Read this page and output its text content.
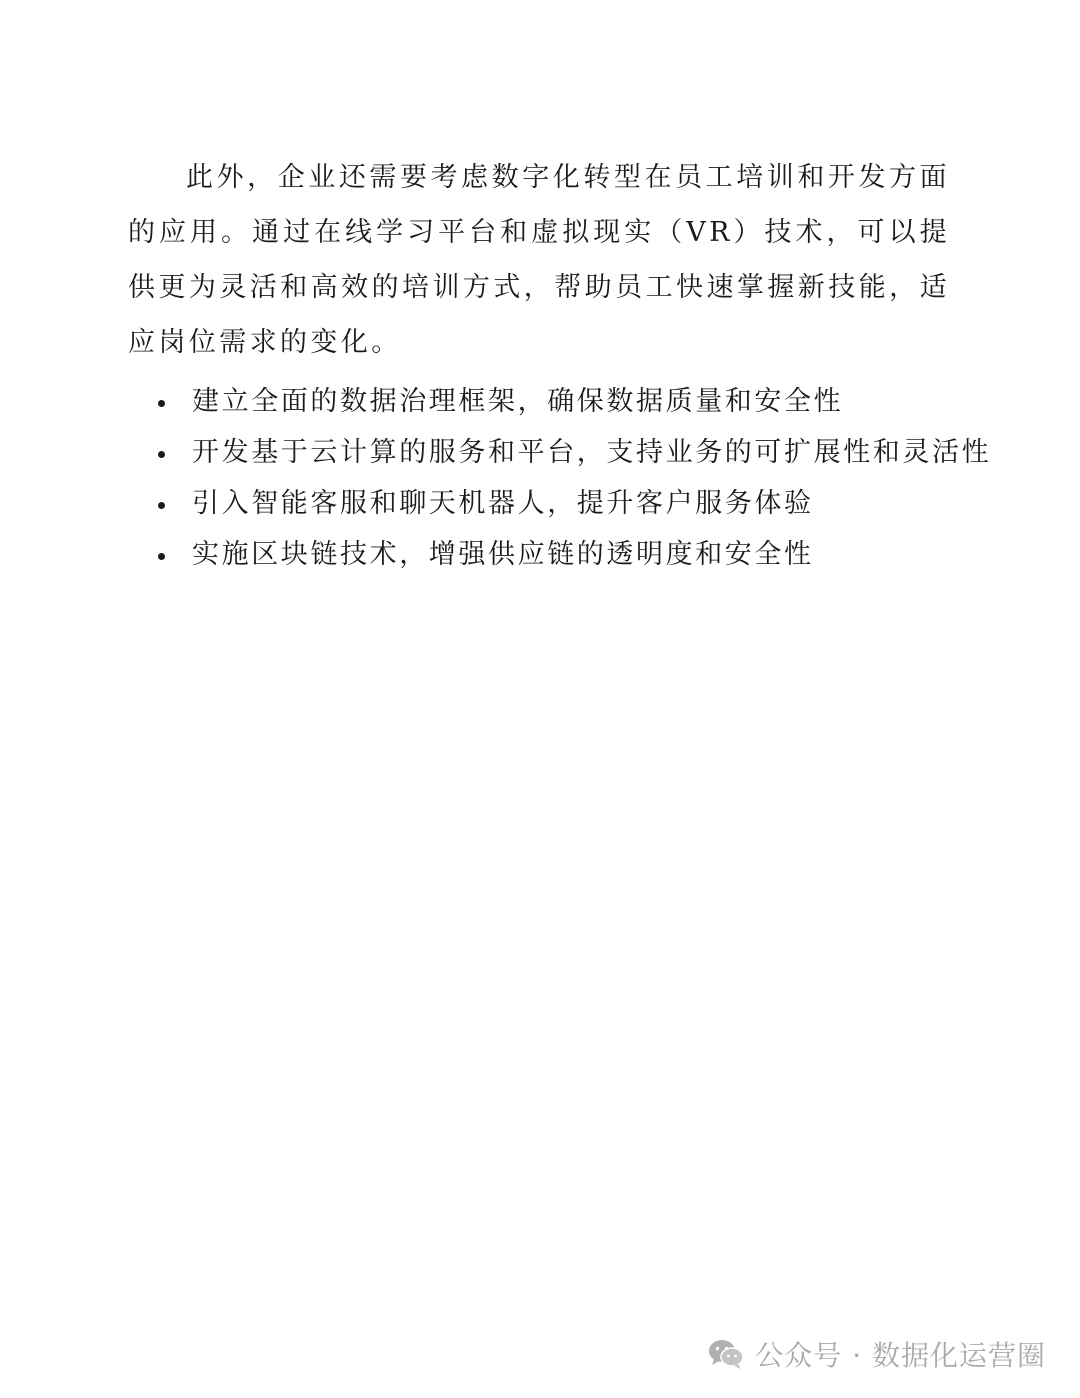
此外，企业还需要考虑数字化转型在员工培训和开发方面的应用。通过在线学习平台和虚拟现实（VR）技术，可以提供更为灵活和高效的培训方式，帮助员工快速掌握新技能，适应岗位需求的变化。

建立全面的数据治理框架，确保数据质量和安全性
开发基于云计算的服务和平台，支持业务的可扩展性和灵活性
引入智能客服和聊天机器人，提升客户服务体验
实施区块链技术，增强供应链的透明度和安全性
公众号 · 数据化运营圈
